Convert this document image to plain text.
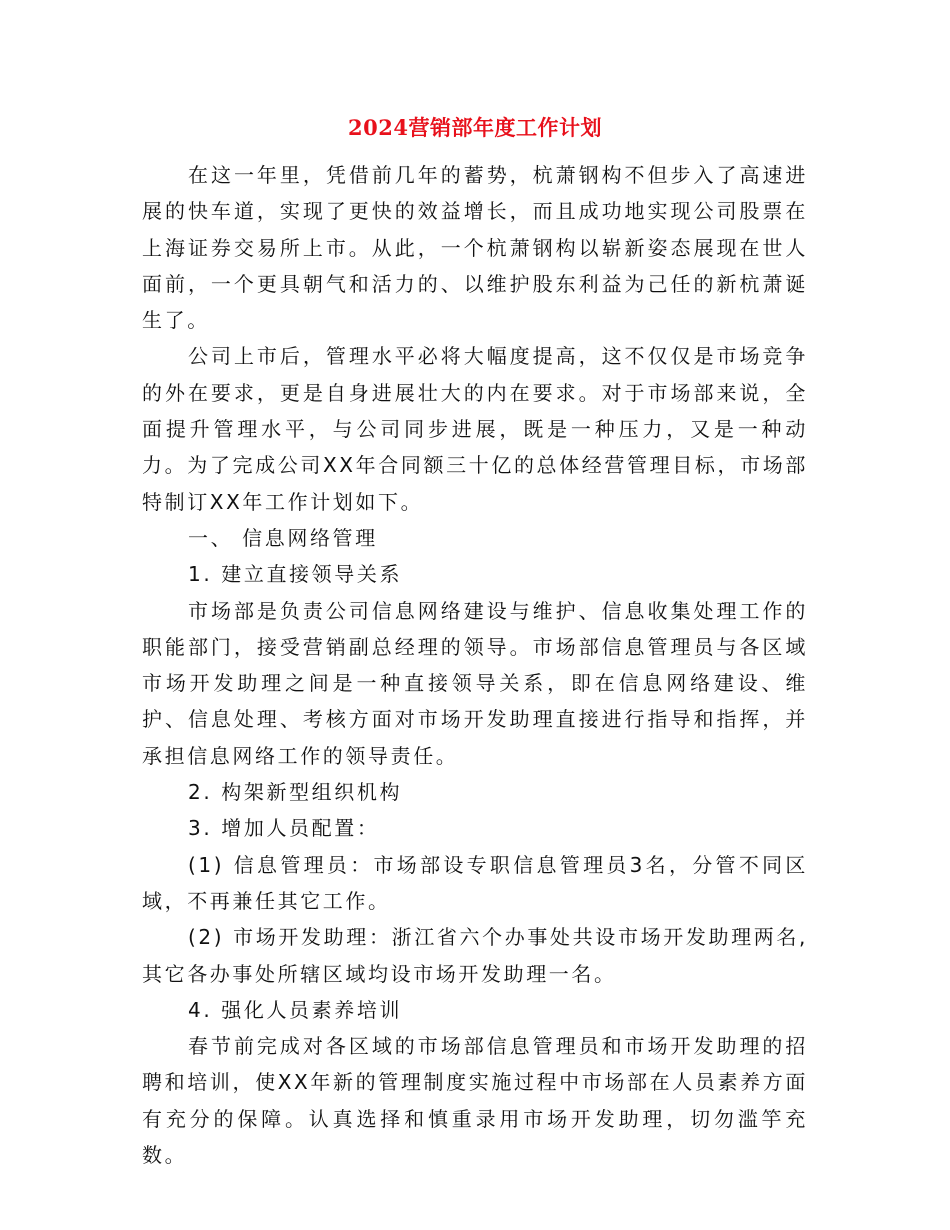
2024营销部年度工作计划

在这一年里，凭借前几年的蓄势，杭萧钢构不但步入了高速进展的快车道，实现了更快的效益增长，而且成功地实现公司股票在上海证券交易所上市。从此，一个杭萧钢构以崭新姿态展现在世人面前，一个更具朝气和活力的、以维护股东利益为己任的新杭萧诞生了。

公司上市后，管理水平必将大幅度提高，这不仅仅是市场竞争的外在要求，更是自身进展壮大的内在要求。对于市场部来说，全面提升管理水平，与公司同步进展，既是一种压力，又是一种动力。为了完成公司XX年合同额三十亿的总体经营管理目标，市场部特制订XX年工作计划如下。

一、 信息网络管理

1. 建立直接领导关系

市场部是负责公司信息网络建设与维护、信息收集处理工作的职能部门，接受营销副总经理的领导。市场部信息管理员与各区域市场开发助理之间是一种直接领导关系，即在信息网络建设、维护、信息处理、考核方面对市场开发助理直接进行指导和指挥，并承担信息网络工作的领导责任。

2. 构架新型组织机构

3. 增加人员配置：

(1) 信息管理员：市场部设专职信息管理员3名，分管不同区域，不再兼任其它工作。

(2) 市场开发助理：浙江省六个办事处共设市场开发助理两名,其它各办事处所辖区域均设市场开发助理一名。

4. 强化人员素养培训

春节前完成对各区域的市场部信息管理员和市场开发助理的招聘和培训，使XX年新的管理制度实施过程中市场部在人员素养方面有充分的保障。认真选择和慎重录用市场开发助理，切勿滥竽充数。
